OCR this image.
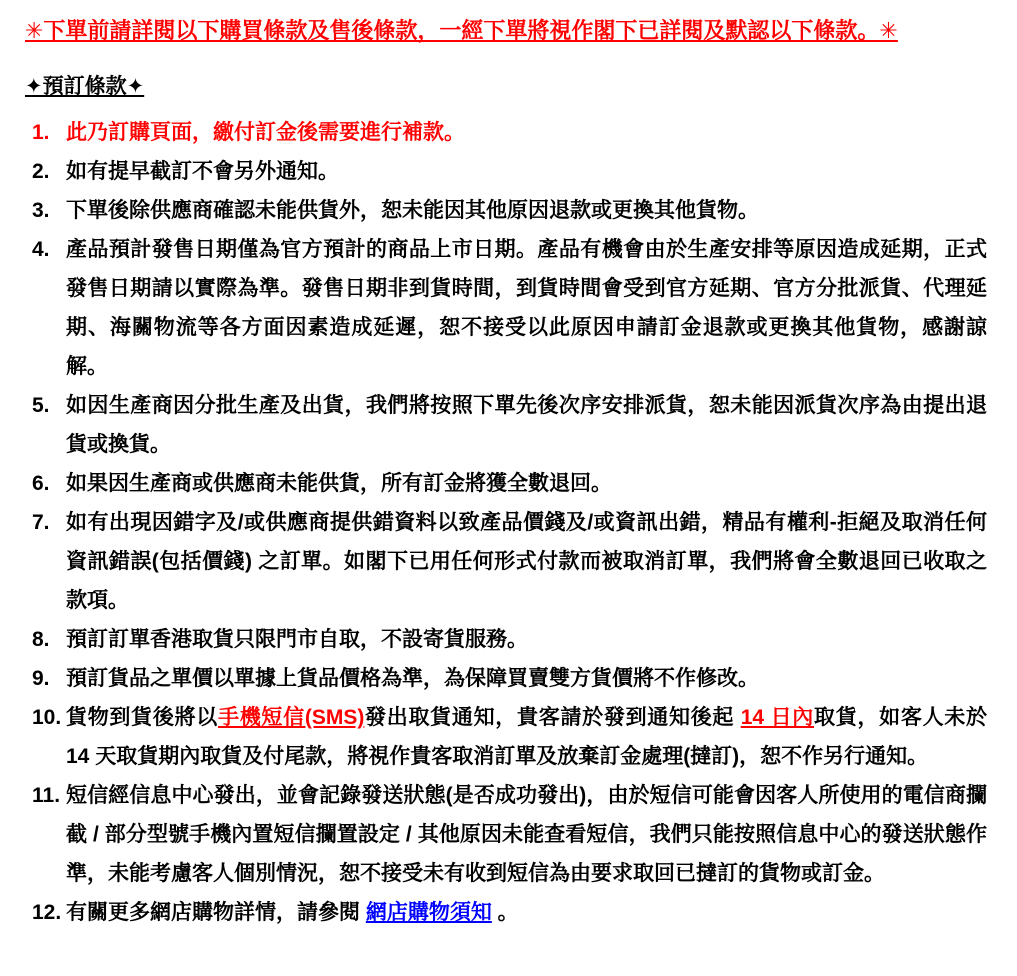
✳下單前請詳閱以下購買條款及售後條款，一經下單將視作閣下已詳閱及默認以下條款。✳

✦預訂條款✦
1. 此乃訂購頁面，繳付訂金後需要進行補款。
2. 如有提早截訂不會另外通知。
3. 下單後除供應商確認未能供貨外，恕未能因其他原因退款或更換其他貨物。
4. 產品預計發售日期僅為官方預計的商品上市日期。產品有機會由於生產安排等原因造成延期，正式發售日期請以實際為準。發售日期非到貨時間，到貨時間會受到官方延期、官方分批派貨、代理延期、海關物流等各方面因素造成延遲，恕不接受以此原因申請訂金退款或更換其他貨物，感謝諒解。
5. 如因生產商因分批生產及出貨，我們將按照下單先後次序安排派貨，恕未能因派貨次序為由提出退貨或換貨。
6. 如果因生產商或供應商未能供貨，所有訂金將獲全數退回。
7. 如有出現因錯字及/或供應商提供錯資料以致產品價錢及/或資訊出錯，精品有權利-拒絕及取消任何資訊錯誤(包括價錢) 之訂單。如閣下已用任何形式付款而被取消訂單，我們將會全數退回已收取之款項。
8. 預訂訂單香港取貨只限門市自取，不設寄貨服務。
9. 預訂貨品之單價以單據上貨品價格為準，為保障買賣雙方貨價將不作修改。
10. 貨物到貨後將以手機短信(SMS)發出取貨通知，貴客請於發到通知後起 14 日內取貨，如客人未於 14 天取貨期內取貨及付尾款，將視作貴客取消訂單及放棄訂金處理(撻訂)，恕不作另行通知。
11. 短信經信息中心發出，並會記錄發送狀態(是否成功發出)，由於短信可能會因客人所使用的電信商攔截 / 部分型號手機內置短信攔置設定 / 其他原因未能查看短信，我們只能按照信息中心的發送狀態作準，未能考慮客人個別情況，恕不接受未有收到短信為由要求取回已撻訂的貨物或訂金。
12. 有關更多網店購物詳情，請參閱 網店購物須知 。
